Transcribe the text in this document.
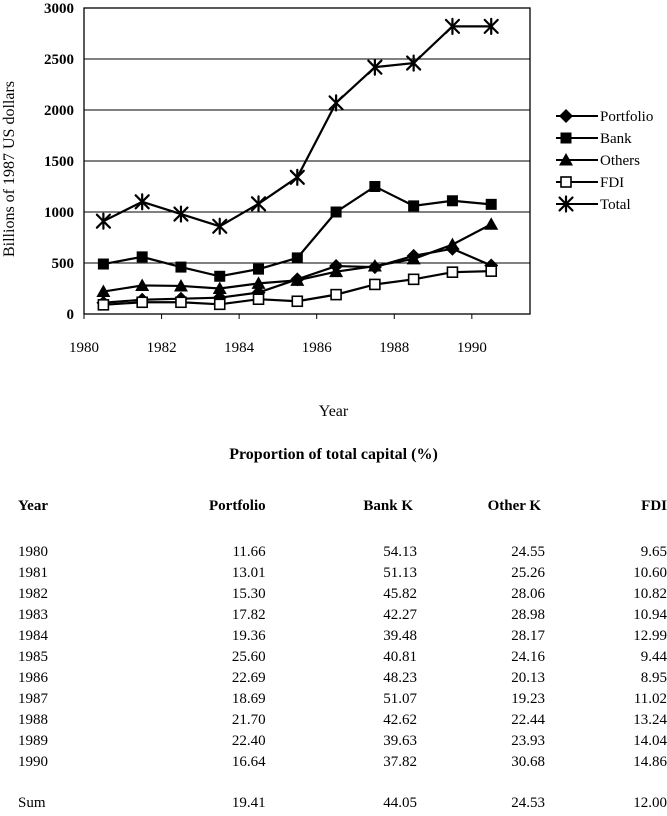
0
500
1000
1500
2000
2500
3000
1980	1982	1984	1986	1988	1990
Billions of 1987 US dollars	Portfolio
Bank
Others
FDI
Total
Year
Proportion of total capital (%)
Year	Portfolio	Bank K	Other K	FDI

1980	11.66	54.13	24.55	9.65
1981	13.01	51.13	25.26	10.60
1982	15.30	45.82	28.06	10.82
1983	17.82	42.27	28.98	10.94
1984	19.36	39.48	28.17	12.99
1985	25.60	40.81	24.16	9.44
1986	22.69	48.23	20.13	8.95
1987	18.69	51.07	19.23	11.02
1988	21.70	42.62	22.44	13.24
1989	22.40	39.63	23.93	14.04
1990	16.64	37.82	30.68	14.86

Sum	19.41	44.05	24.53	12.00
